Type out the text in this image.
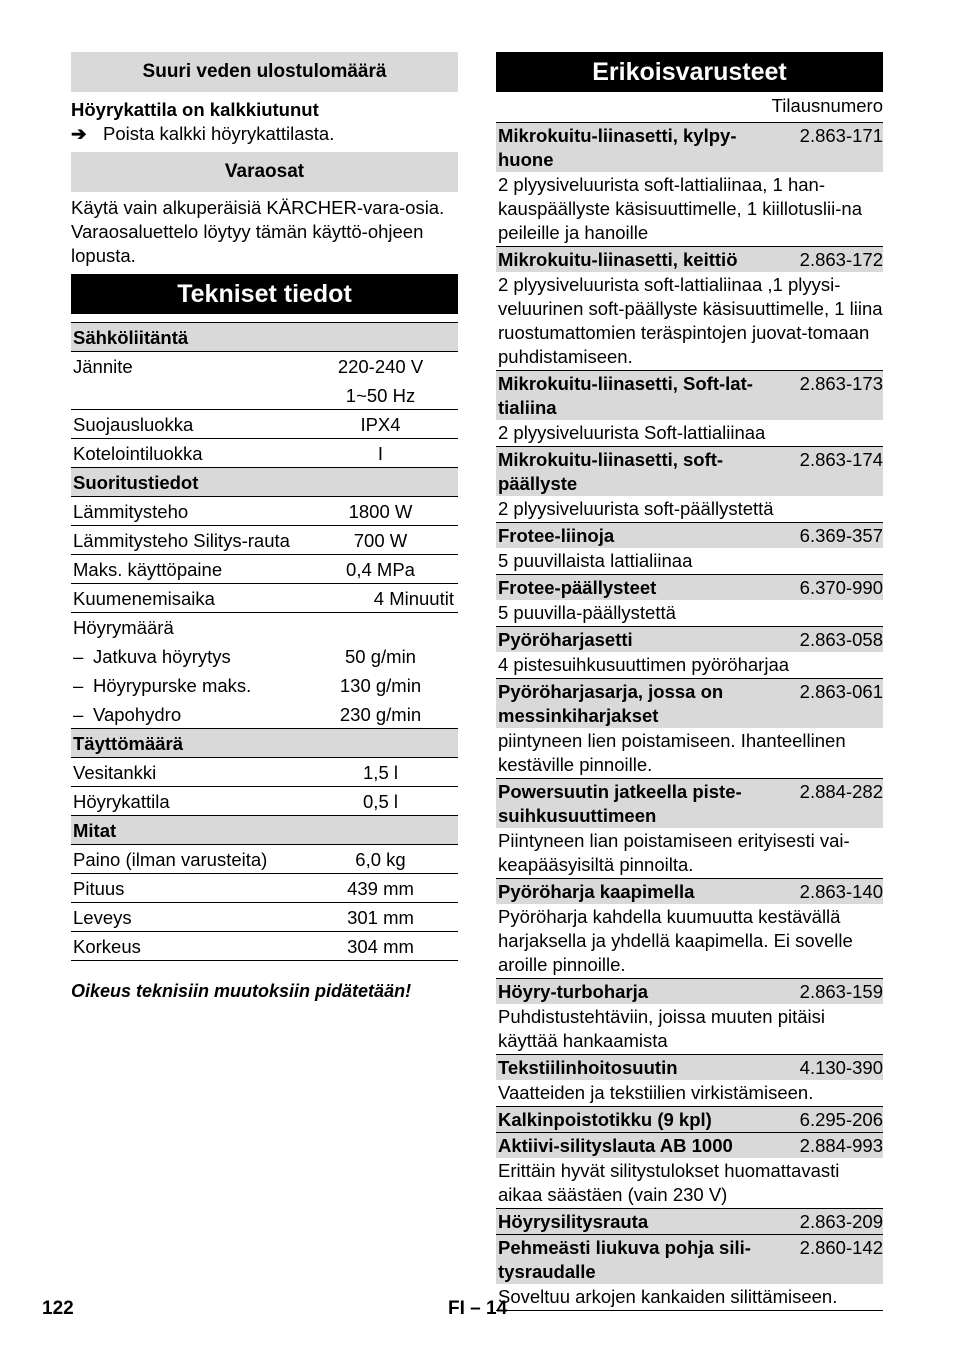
Suuri veden ulostulomäärä
Höyrykattila on kalkkiutunut
➔ Poista kalkki höyrykattilasta.
Varaosat
Käytä vain alkuperäisiä KÄRCHER-vara-osia. Varaosaluettelo löytyy tämän käyttö-ohjeen lopusta.
Tekniset tiedot
Sähköliitäntä
Jännite	220-240 V
1~50 Hz
Suojausluokka	IPX4
Kotelointiluokka	I
Suoritustiedot
Lämmitysteho	1800 W
Lämmitysteho Silitys-rauta	700 W
Maks. käyttöpaine	0,4 MPa
Kuumenemisaika	4 Minuutit
Höyrymäärä
– Jatkuva höyrytys	50 g/min
– Höyrypurske maks.	130 g/min
– Vapohydro	230 g/min
Täyttömäärä
Vesitankki	1,5 l
Höyrykattila	0,5 l
Mitat
Paino (ilman varusteita)	6,0 kg
Pituus	439 mm
Leveys	301 mm
Korkeus	304 mm
Oikeus teknisiin muutoksiin pidätetään!
Erikoisvarusteet
Tilausnumero
Mikrokuitu-liinasetti, kylpy-huone
2.863-171
2 plyysiveluurista soft-lattialiinaa, 1 han-kauspäällyste käsisuuttimelle, 1 kiillotuslii-na peileille ja hanoille
Mikrokuitu-liinasetti, keittiö	2.863-172
2 plyysiveluurista soft-lattialiinaa ,1 plyysi-veluurinen soft-päällyste käsisuuttimelle, 1 liina ruostumattomien teräspintojen juovat-tomaan puhdistamiseen.
Mikrokuitu-liinasetti, Soft-lat-tialiina
2.863-173
2 plyysiveluurista Soft-lattialiinaa
Mikrokuitu-liinasetti, soft-päällyste
2.863-174
2 plyysiveluurista soft-päällystettä
Frotee-liinoja	6.369-357
5 puuvillaista lattialiinaa
Frotee-päällysteet	6.370-990
5 puuvilla-päällystettä
Pyöröharjasetti	2.863-058
4 pistesuihkusuuttimen pyöröharjaa
Pyöröharjasarja, jossa on messinkiharjakset
2.863-061
piintyneen lien poistamiseen. Ihanteellinen kestäville pinnoille.
Powersuutin jatkeella piste-suihkusuuttimeen
2.884-282
Piintyneen lian poistamiseen erityisesti vai-keapääsyisiltä pinnoilta.
Pyöröharja kaapimella	2.863-140
Pyöröharja kahdella kuumuutta kestävällä harjaksella ja yhdellä kaapimella. Ei sovelle aroille pinnoille.
Höyry-turboharja	2.863-159
Puhdistustehtäviin, joissa muuten pitäisi käyttää hankaamista
Tekstiilinhoitosuutin	4.130-390
Vaatteiden ja tekstiilien virkistämiseen.
Kalkinpoistotikku (9 kpl)	6.295-206
Aktiivi-silityslauta AB 1000	2.884-993
Erittäin hyvät silitystulokset huomattavasti aikaa säästäen (vain 230 V)
Höyrysilitysrauta	2.863-209
Pehmeästi liukuva pohja sili-tysraudalle
2.860-142
Soveltuu arkojen kankaiden silittämiseen.
122	FI – 14
